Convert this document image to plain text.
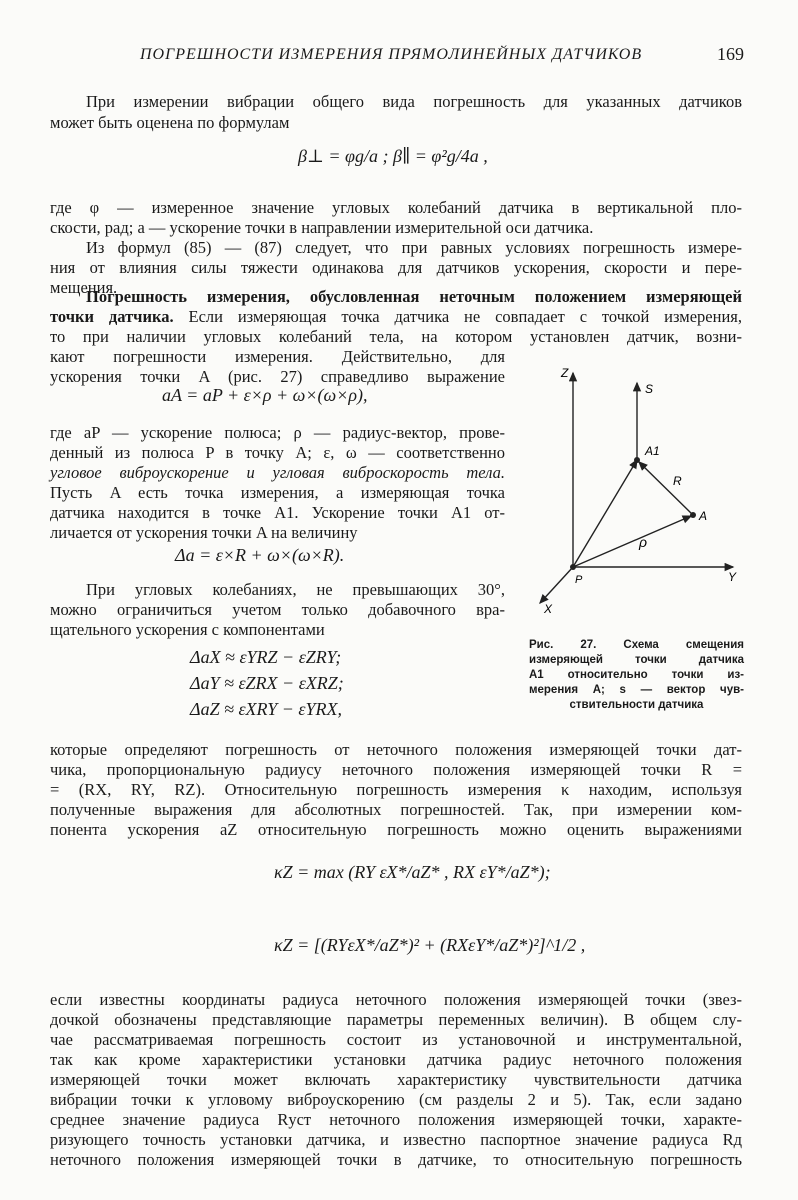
ПОГРЕШНОСТИ ИЗМЕРЕНИЯ ПРЯМОЛИНЕЙНЫХ ДАТЧИКОВ	169
При измерении вибрации общего вида погрешность для указанных датчиков
может быть оценена по формулам
β⊥ = φg/a ; β∥ = φ²g/4a ,
где φ — измеренное значение угловых колебаний датчика в вертикальной пло-
скости, рад; a — ускорение точки в направлении измерительной оси датчика.
Из формул (85) — (87) следует, что при равных условиях погрешность измере-
ния от влияния силы тяжести одинакова для датчиков ускорения, скорости и пере-
мещения.
Погрешность измерения, обусловленная неточным положением измеряющей
точки датчика. Если измеряющая точка датчика не совпадает с точкой измерения,
то при наличии угловых колебаний тела, на котором установлен датчик, возни-
кают погрешности измерения. Действительно, для
ускорения точки A (рис. 27) справедливо выражение
aA = aP + ε×ρ + ω×(ω×ρ),
где aP — ускорение полюса; ρ — радиус-вектор, прове-
денный из полюса P в точку A; ε, ω — соответственно
угловое виброускорение и угловая виброскорость тела.
Пусть A есть точка измерения, а измеряющая точка
датчика находится в точке A1. Ускорение точки A1 от-
личается от ускорения точки A на величину
Δa = ε×R + ω×(ω×R).
При угловых колебаниях, не превышающих 30°,
можно ограничиться учетом только добавочного вра-
щательного ускорения с компонентами
ΔaX ≈ εYRZ − εZRY;
ΔaY ≈ εZRX − εXRZ;
ΔaZ ≈ εXRY − εYRX,
Z
S
A1
R
A
ρ
P	Y
X
Рис. 27. Схема смещения
измеряющей точки датчика
A1 относительно точки из-
мерения A; s — вектор чув-
ствительности датчика
которые определяют погрешность от неточного положения измеряющей точки дат-
чика, пропорциональную радиусу неточного положения измеряющей точки R =
= (RX, RY, RZ). Относительную погрешность измерения κ находим, используя
полученные выражения для абсолютных погрешностей. Так, при измерении ком-
понента ускорения aZ относительную погрешность можно оценить выражениями
κZ = max (RY εX*/aZ* , RX εY*/aZ*);
κZ = [(RYεX*/aZ*)² + (RXεY*/aZ*)²]^1/2 ,
если известны координаты радиуса неточного положения измеряющей точки (звез-
дочкой обозначены представляющие параметры переменных величин). В общем слу-
чае рассматриваемая погрешность состоит из установочной и инструментальной,
так как кроме характеристики установки датчика радиус неточного положения
измеряющей точки может включать характеристику чувствительности датчика
вибрации точки к угловому виброускорению (см разделы 2 и 5). Так, если задано
среднее значение радиуса Rуст неточного положения измеряющей точки, характе-
ризующего точность установки датчика, и известно паспортное значение радиуса Rд
неточного положения измеряющей точки в датчике, то относительную погрешность
